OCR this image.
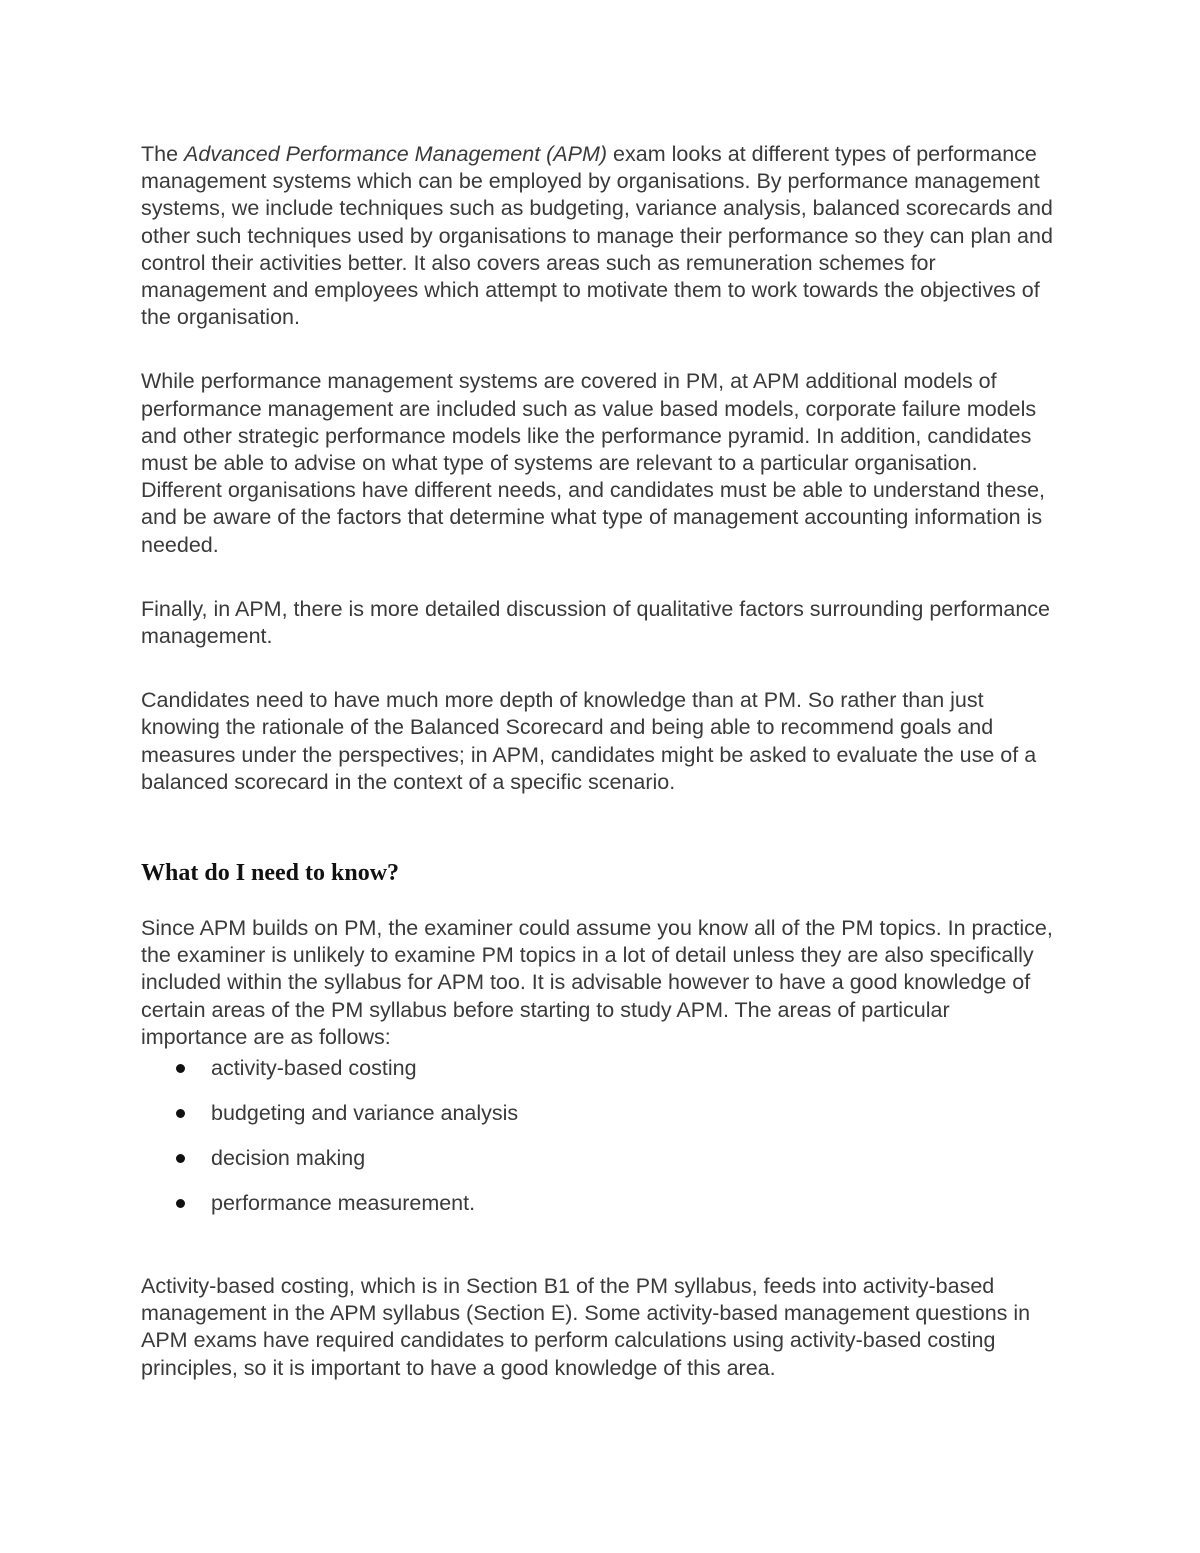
The Advanced Performance Management (APM) exam looks at different types of performance management systems which can be employed by organisations. By performance management systems, we include techniques such as budgeting, variance analysis, balanced scorecards and other such techniques used by organisations to manage their performance so they can plan and control their activities better. It also covers areas such as remuneration schemes for management and employees which attempt to motivate them to work towards the objectives of the organisation.

While performance management systems are covered in PM, at APM additional models of performance management are included such as value based models, corporate failure models and other strategic performance models like the performance pyramid. In addition, candidates must be able to advise on what type of systems are relevant to a particular organisation. Different organisations have different needs, and candidates must be able to understand these, and be aware of the factors that determine what type of management accounting information is needed.

Finally, in APM, there is more detailed discussion of qualitative factors surrounding performance management.

Candidates need to have much more depth of knowledge than at PM. So rather than just knowing the rationale of the Balanced Scorecard and being able to recommend goals and measures under the perspectives; in APM, candidates might be asked to evaluate the use of a balanced scorecard in the context of a specific scenario.

What do I need to know?

Since APM builds on PM, the examiner could assume you know all of the PM topics. In practice, the examiner is unlikely to examine PM topics in a lot of detail unless they are also specifically included within the syllabus for APM too. It is advisable however to have a good knowledge of certain areas of the PM syllabus before starting to study APM. The areas of particular importance are as follows:

activity-based costing
budgeting and variance analysis
decision making
performance measurement.

Activity-based costing, which is in Section B1 of the PM syllabus, feeds into activity-based management in the APM syllabus (Section E). Some activity-based management questions in APM exams have required candidates to perform calculations using activity-based costing principles, so it is important to have a good knowledge of this area.
